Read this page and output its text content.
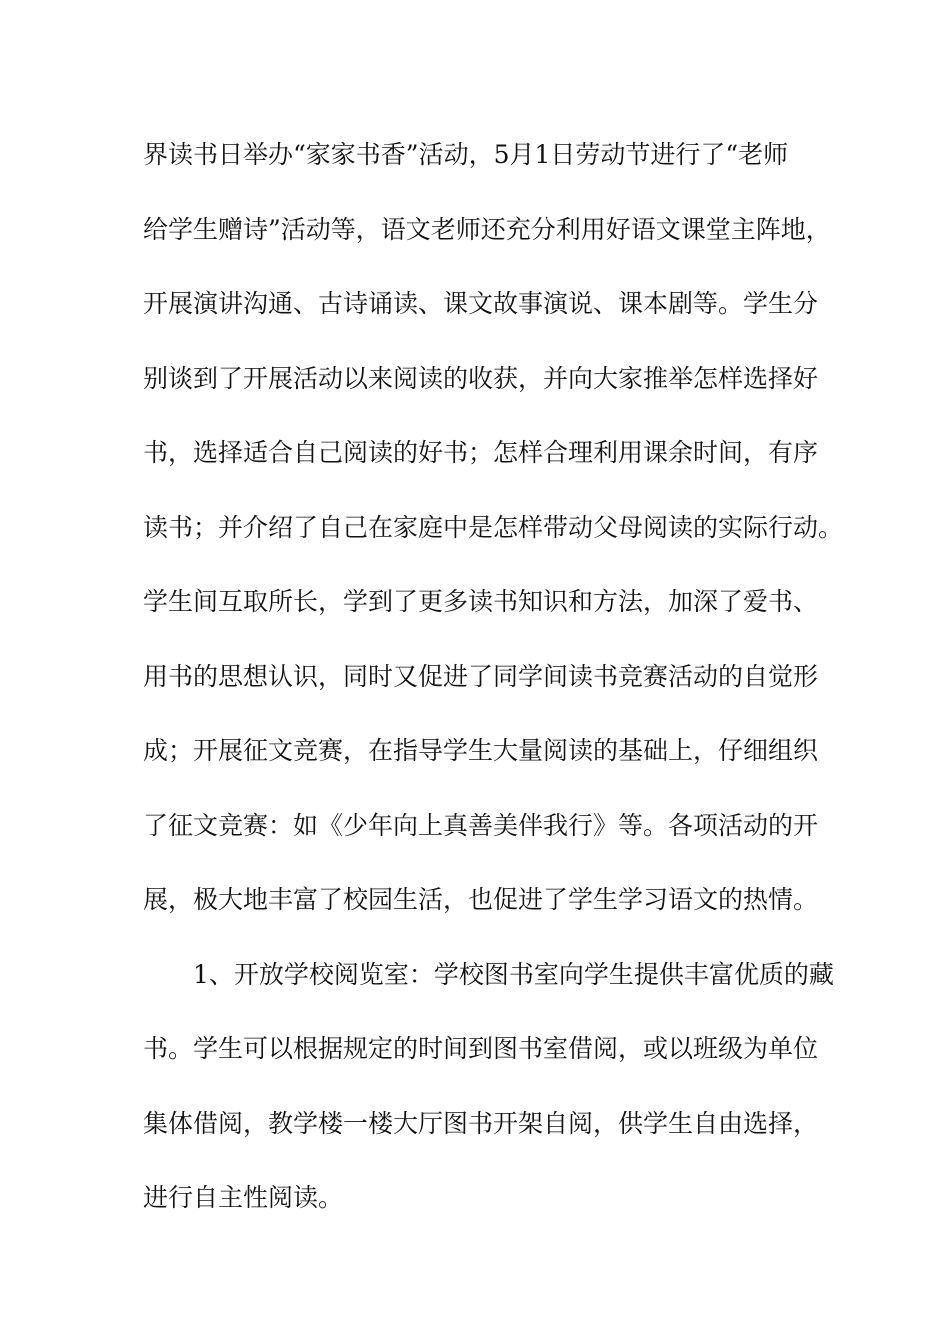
界读书日举办“家家书香”活动，5月1日劳动节进行了“老师
给学生赠诗”活动等，语文老师还充分利用好语文课堂主阵地，
开展演讲沟通、古诗诵读、课文故事演说、课本剧等。学生分
别谈到了开展活动以来阅读的收获，并向大家推举怎样选择好
书，选择适合自己阅读的好书；怎样合理利用课余时间，有序
读书；并介绍了自己在家庭中是怎样带动父母阅读的实际行动。
学生间互取所长，学到了更多读书知识和方法，加深了爱书、
用书的思想认识，同时又促进了同学间读书竞赛活动的自觉形
成；开展征文竞赛，在指导学生大量阅读的基础上，仔细组织
了征文竞赛：如《少年向上真善美伴我行》等。各项活动的开
展，极大地丰富了校园生活，也促进了学生学习语文的热情。
1、开放学校阅览室：学校图书室向学生提供丰富优质的藏
书。学生可以根据规定的时间到图书室借阅，或以班级为单位
集体借阅，教学楼一楼大厅图书开架自阅，供学生自由选择，
进行自主性阅读。
